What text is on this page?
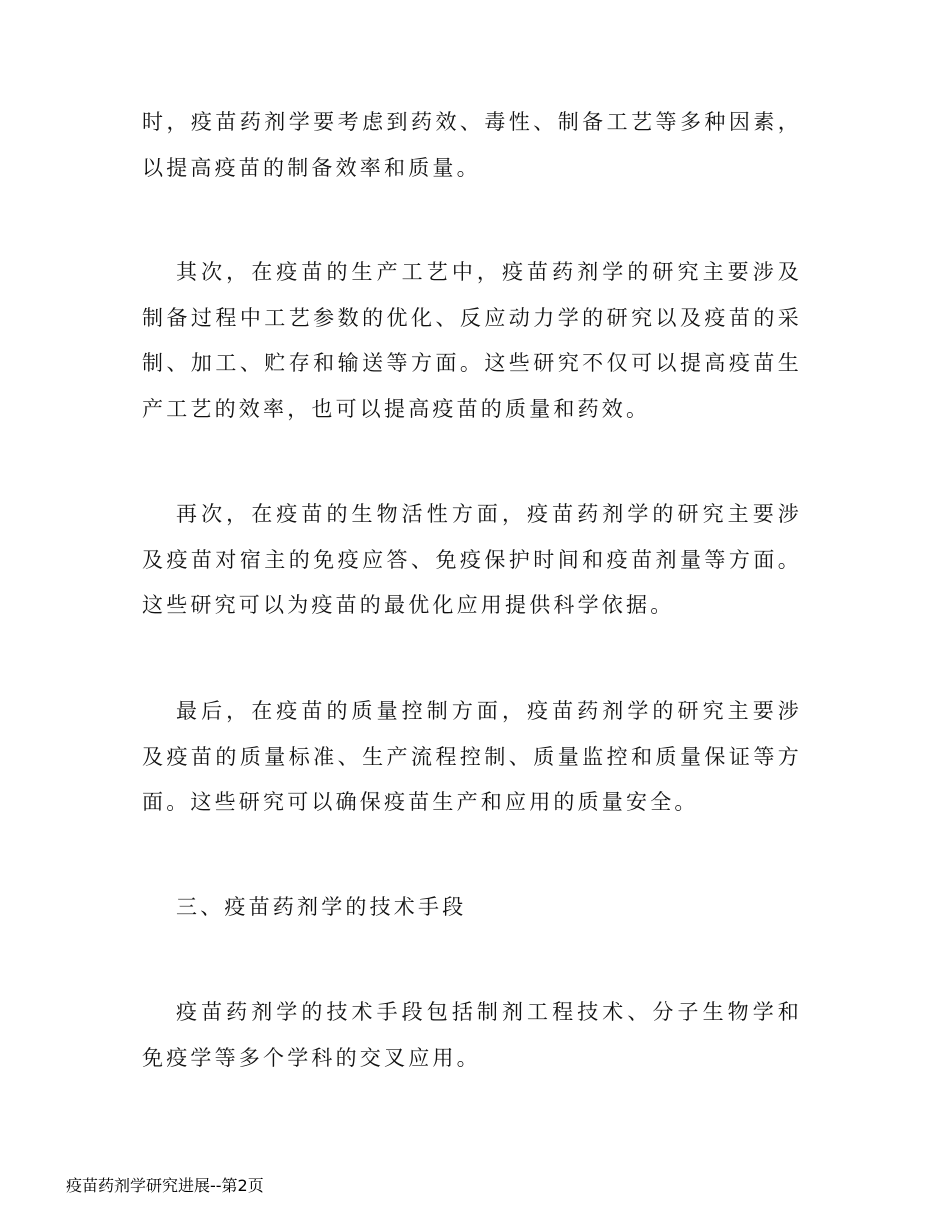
时，疫苗药剂学要考虑到药效、毒性、制备工艺等多种因素，以提高疫苗的制备效率和质量。

其次，在疫苗的生产工艺中，疫苗药剂学的研究主要涉及制备过程中工艺参数的优化、反应动力学的研究以及疫苗的采制、加工、贮存和输送等方面。这些研究不仅可以提高疫苗生产工艺的效率，也可以提高疫苗的质量和药效。

再次，在疫苗的生物活性方面，疫苗药剂学的研究主要涉及疫苗对宿主的免疫应答、免疫保护时间和疫苗剂量等方面。这些研究可以为疫苗的最优化应用提供科学依据。

最后，在疫苗的质量控制方面，疫苗药剂学的研究主要涉及疫苗的质量标准、生产流程控制、质量监控和质量保证等方面。这些研究可以确保疫苗生产和应用的质量安全。

三、疫苗药剂学的技术手段

疫苗药剂学的技术手段包括制剂工程技术、分子生物学和免疫学等多个学科的交叉应用。

疫苗药剂学研究进展--第2页
